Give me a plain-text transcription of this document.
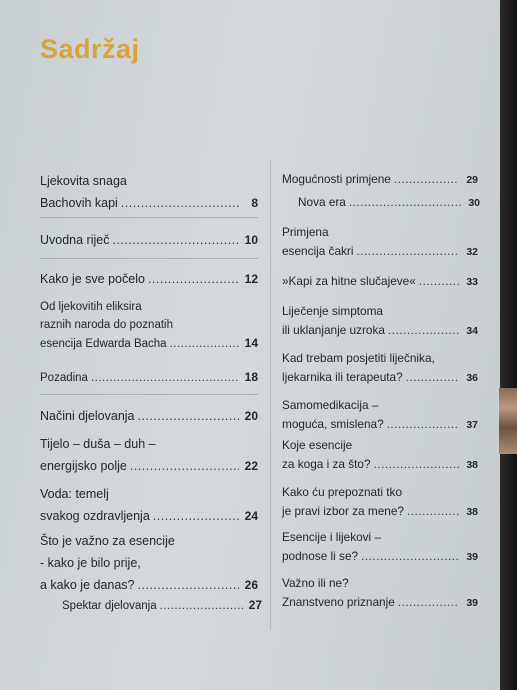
Sadržaj
Ljekovita snaga
Bachovih kapi .....	8
Uvodna riječ .....	10
Kako je sve počelo .....	12
Od ljekovitih eliksira
raznih naroda do poznatih
esencija Edwarda Bacha .....	14
Pozadina .....	18
Načini djelovanja .....	20
Tijelo – duša – duh –
energijsko polje .....	22
Voda: temelj
svakog ozdravljenja .....	24
Što je važno za esencije
- kako je bilo prije,
a kako je danas? .....	26
Spektar djelovanja .....	27
Mogućnosti primjene .....	29
Nova era .....	30
Primjena
esencija čakri .....	32
»Kapi za hitne slučajeve« .....	33
Liječenje simptoma
ili uklanjanje uzroka .....	34
Kad trebam posjetiti liječnika,
ljekarnika ili terapeuta? .....	36
Samomedikacija –
moguća, smislena? .....	37
Koje esencije
za koga i za što? .....	38
Kako ću prepoznati tko
je pravi izbor za mene? .....	38
Esencije i lijekovi –
podnose li se? .....	39
Važno ili ne?
Znanstveno priznanje .....	39
